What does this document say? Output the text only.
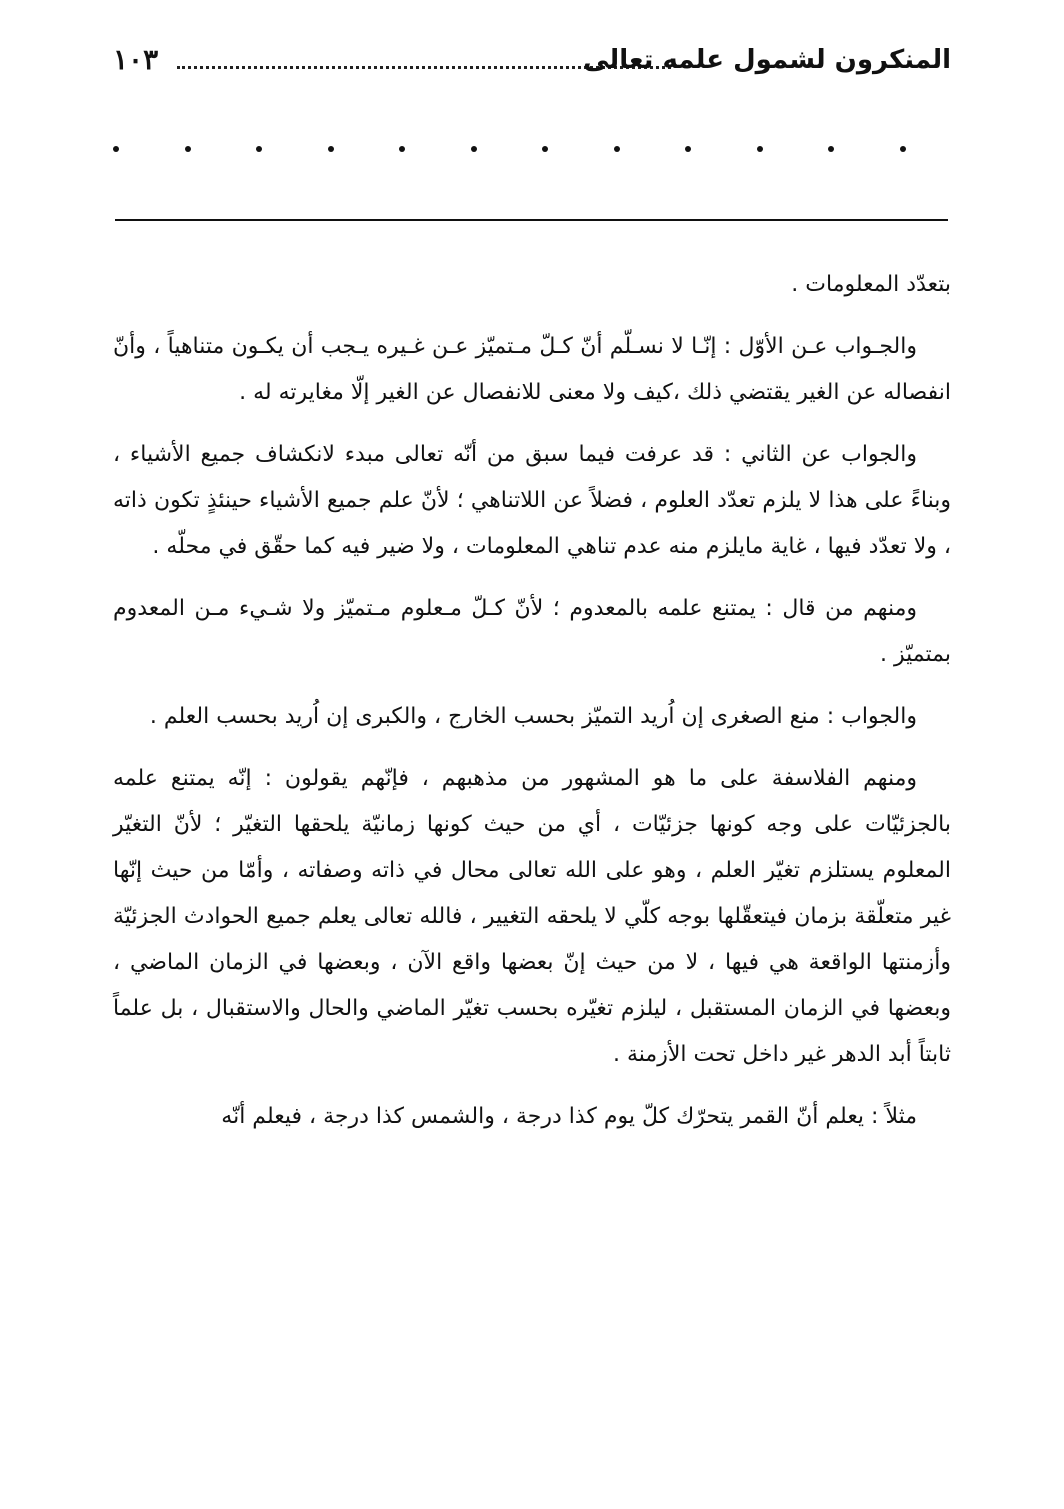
١٠٣	المنكرون لشمول علمه تعالى

بتعدّد المعلومات .

والجـواب عـن الأوّل : إنّـا لا نسـلّم أنّ كـلّ مـتميّز عـن غـيره يـجب أن يكـون متناهياً ، وأنّ انفصاله عن الغير يقتضي ذلك ،كيف ولا معنى للانفصال عن الغير إلّا مغايرته له .

والجواب عن الثاني : قد عرفت فيما سبق من أنّه تعالى مبدء لانكشاف جميع الأشياء ، وبناءً على هذا لا يلزم تعدّد العلوم ، فضلاً عن اللاتناهي ؛ لأنّ علم جميع الأشياء حينئذٍ تكون ذاته ، ولا تعدّد فيها ، غاية مايلزم منه عدم تناهي المعلومات ، ولا ضير فيه كما حقّق في محلّه .

ومنهم من قال : يمتنع علمه بالمعدوم ؛ لأنّ كـلّ مـعلوم مـتميّز ولا شـيء مـن المعدوم بمتميّز .

والجواب : منع الصغرى إن اُريد التميّز بحسب الخارج ، والكبرى إن اُريد بحسب العلم .

ومنهم الفلاسفة على ما هو المشهور من مذهبهم ، فإنّهم يقولون : إنّه يمتنع علمه بالجزئيّات على وجه كونها جزئيّات ، أي من حيث كونها زمانيّة يلحقها التغيّر ؛ لأنّ التغيّر المعلوم يستلزم تغيّر العلم ، وهو على الله تعالى محال في ذاته وصفاته ، وأمّا من حيث إنّها غير متعلّقة بزمان فيتعقّلها بوجه كلّي لا يلحقه التغيير ، فالله تعالى يعلم جميع الحوادث الجزئيّة وأزمنتها الواقعة هي فيها ، لا من حيث إنّ بعضها واقع الآن ، وبعضها في الزمان الماضي ، وبعضها في الزمان المستقبل ، ليلزم تغيّره بحسب تغيّر الماضي والحال والاستقبال ، بل علماً ثابتاً أبد الدهر غير داخل تحت الأزمنة .

مثلاً : يعلم أنّ القمر يتحرّك كلّ يوم كذا درجة ، والشمس كذا درجة ، فيعلم أنّه
